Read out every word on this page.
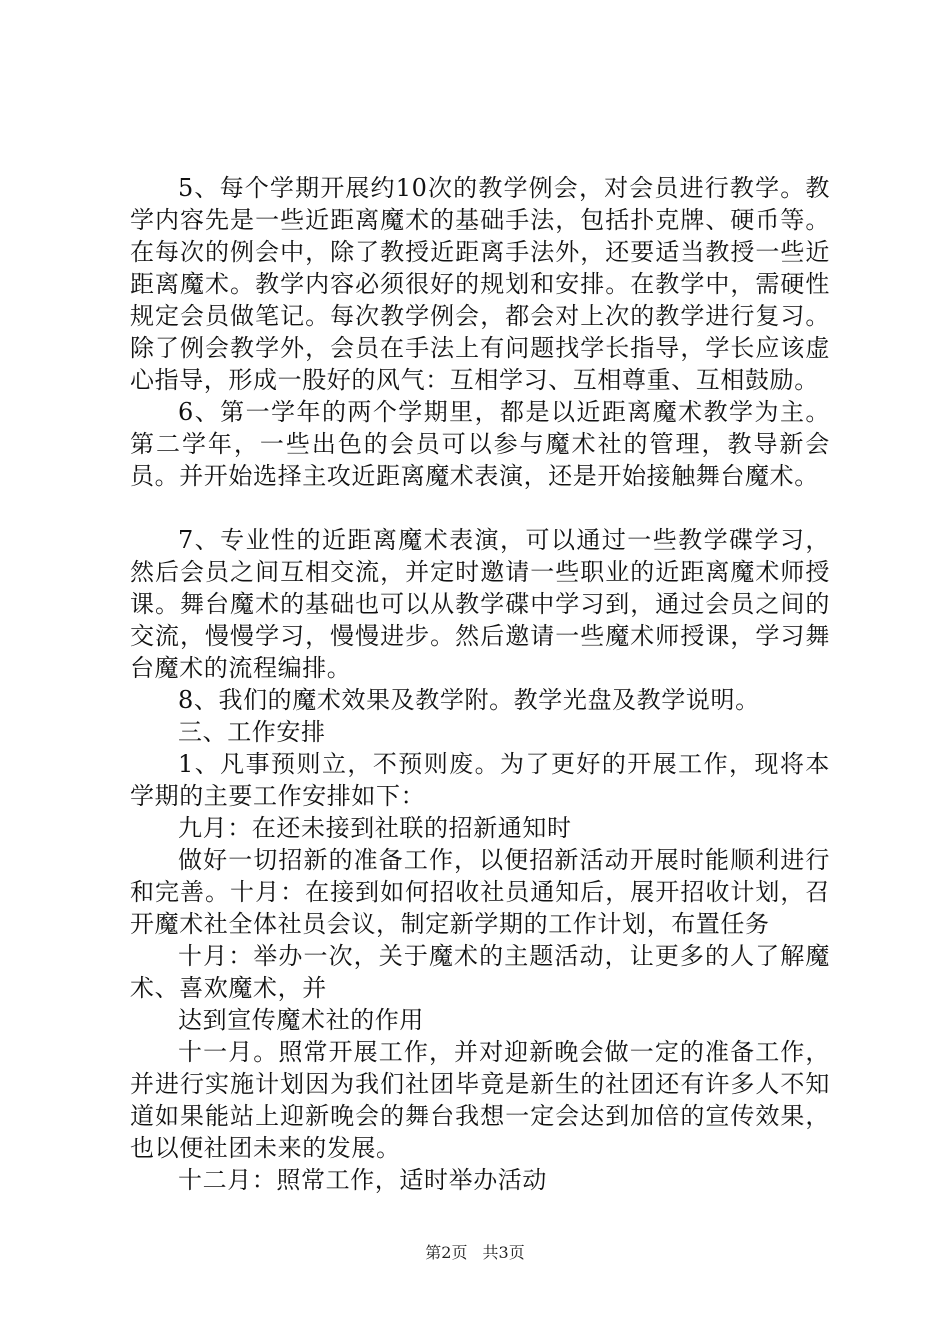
5、每个学期开展约10次的教学例会，对会员进行教学。教学内容先是一些近距离魔术的基础手法，包括扑克牌、硬币等。在每次的例会中，除了教授近距离手法外，还要适当教授一些近距离魔术。教学内容必须很好的规划和安排。在教学中，需硬性规定会员做笔记。每次教学例会，都会对上次的教学进行复习。除了例会教学外，会员在手法上有问题找学长指导，学长应该虚心指导，形成一股好的风气：互相学习、互相尊重、互相鼓励。

6、第一学年的两个学期里，都是以近距离魔术教学为主。第二学年，一些出色的会员可以参与魔术社的管理，教导新会员。并开始选择主攻近距离魔术表演，还是开始接触舞台魔术。

7、专业性的近距离魔术表演，可以通过一些教学碟学习，然后会员之间互相交流，并定时邀请一些职业的近距离魔术师授课。舞台魔术的基础也可以从教学碟中学习到，通过会员之间的交流，慢慢学习，慢慢进步。然后邀请一些魔术师授课，学习舞台魔术的流程编排。

8、我们的魔术效果及教学附。教学光盘及教学说明。

三、工作安排

1、凡事预则立，不预则废。为了更好的开展工作，现将本学期的主要工作安排如下：

九月：在还未接到社联的招新通知时

做好一切招新的准备工作，以便招新活动开展时能顺利进行和完善。十月：在接到如何招收社员通知后，展开招收计划，召开魔术社全体社员会议，制定新学期的工作计划，布置任务

十月：举办一次，关于魔术的主题活动，让更多的人了解魔术、喜欢魔术，并

达到宣传魔术社的作用

十一月。照常开展工作，并对迎新晚会做一定的准备工作，并进行实施计划因为我们社团毕竟是新生的社团还有许多人不知道如果能站上迎新晚会的舞台我想一定会达到加倍的宣传效果，也以便社团未来的发展。

十二月：照常工作，适时举办活动

第2页 共3页
